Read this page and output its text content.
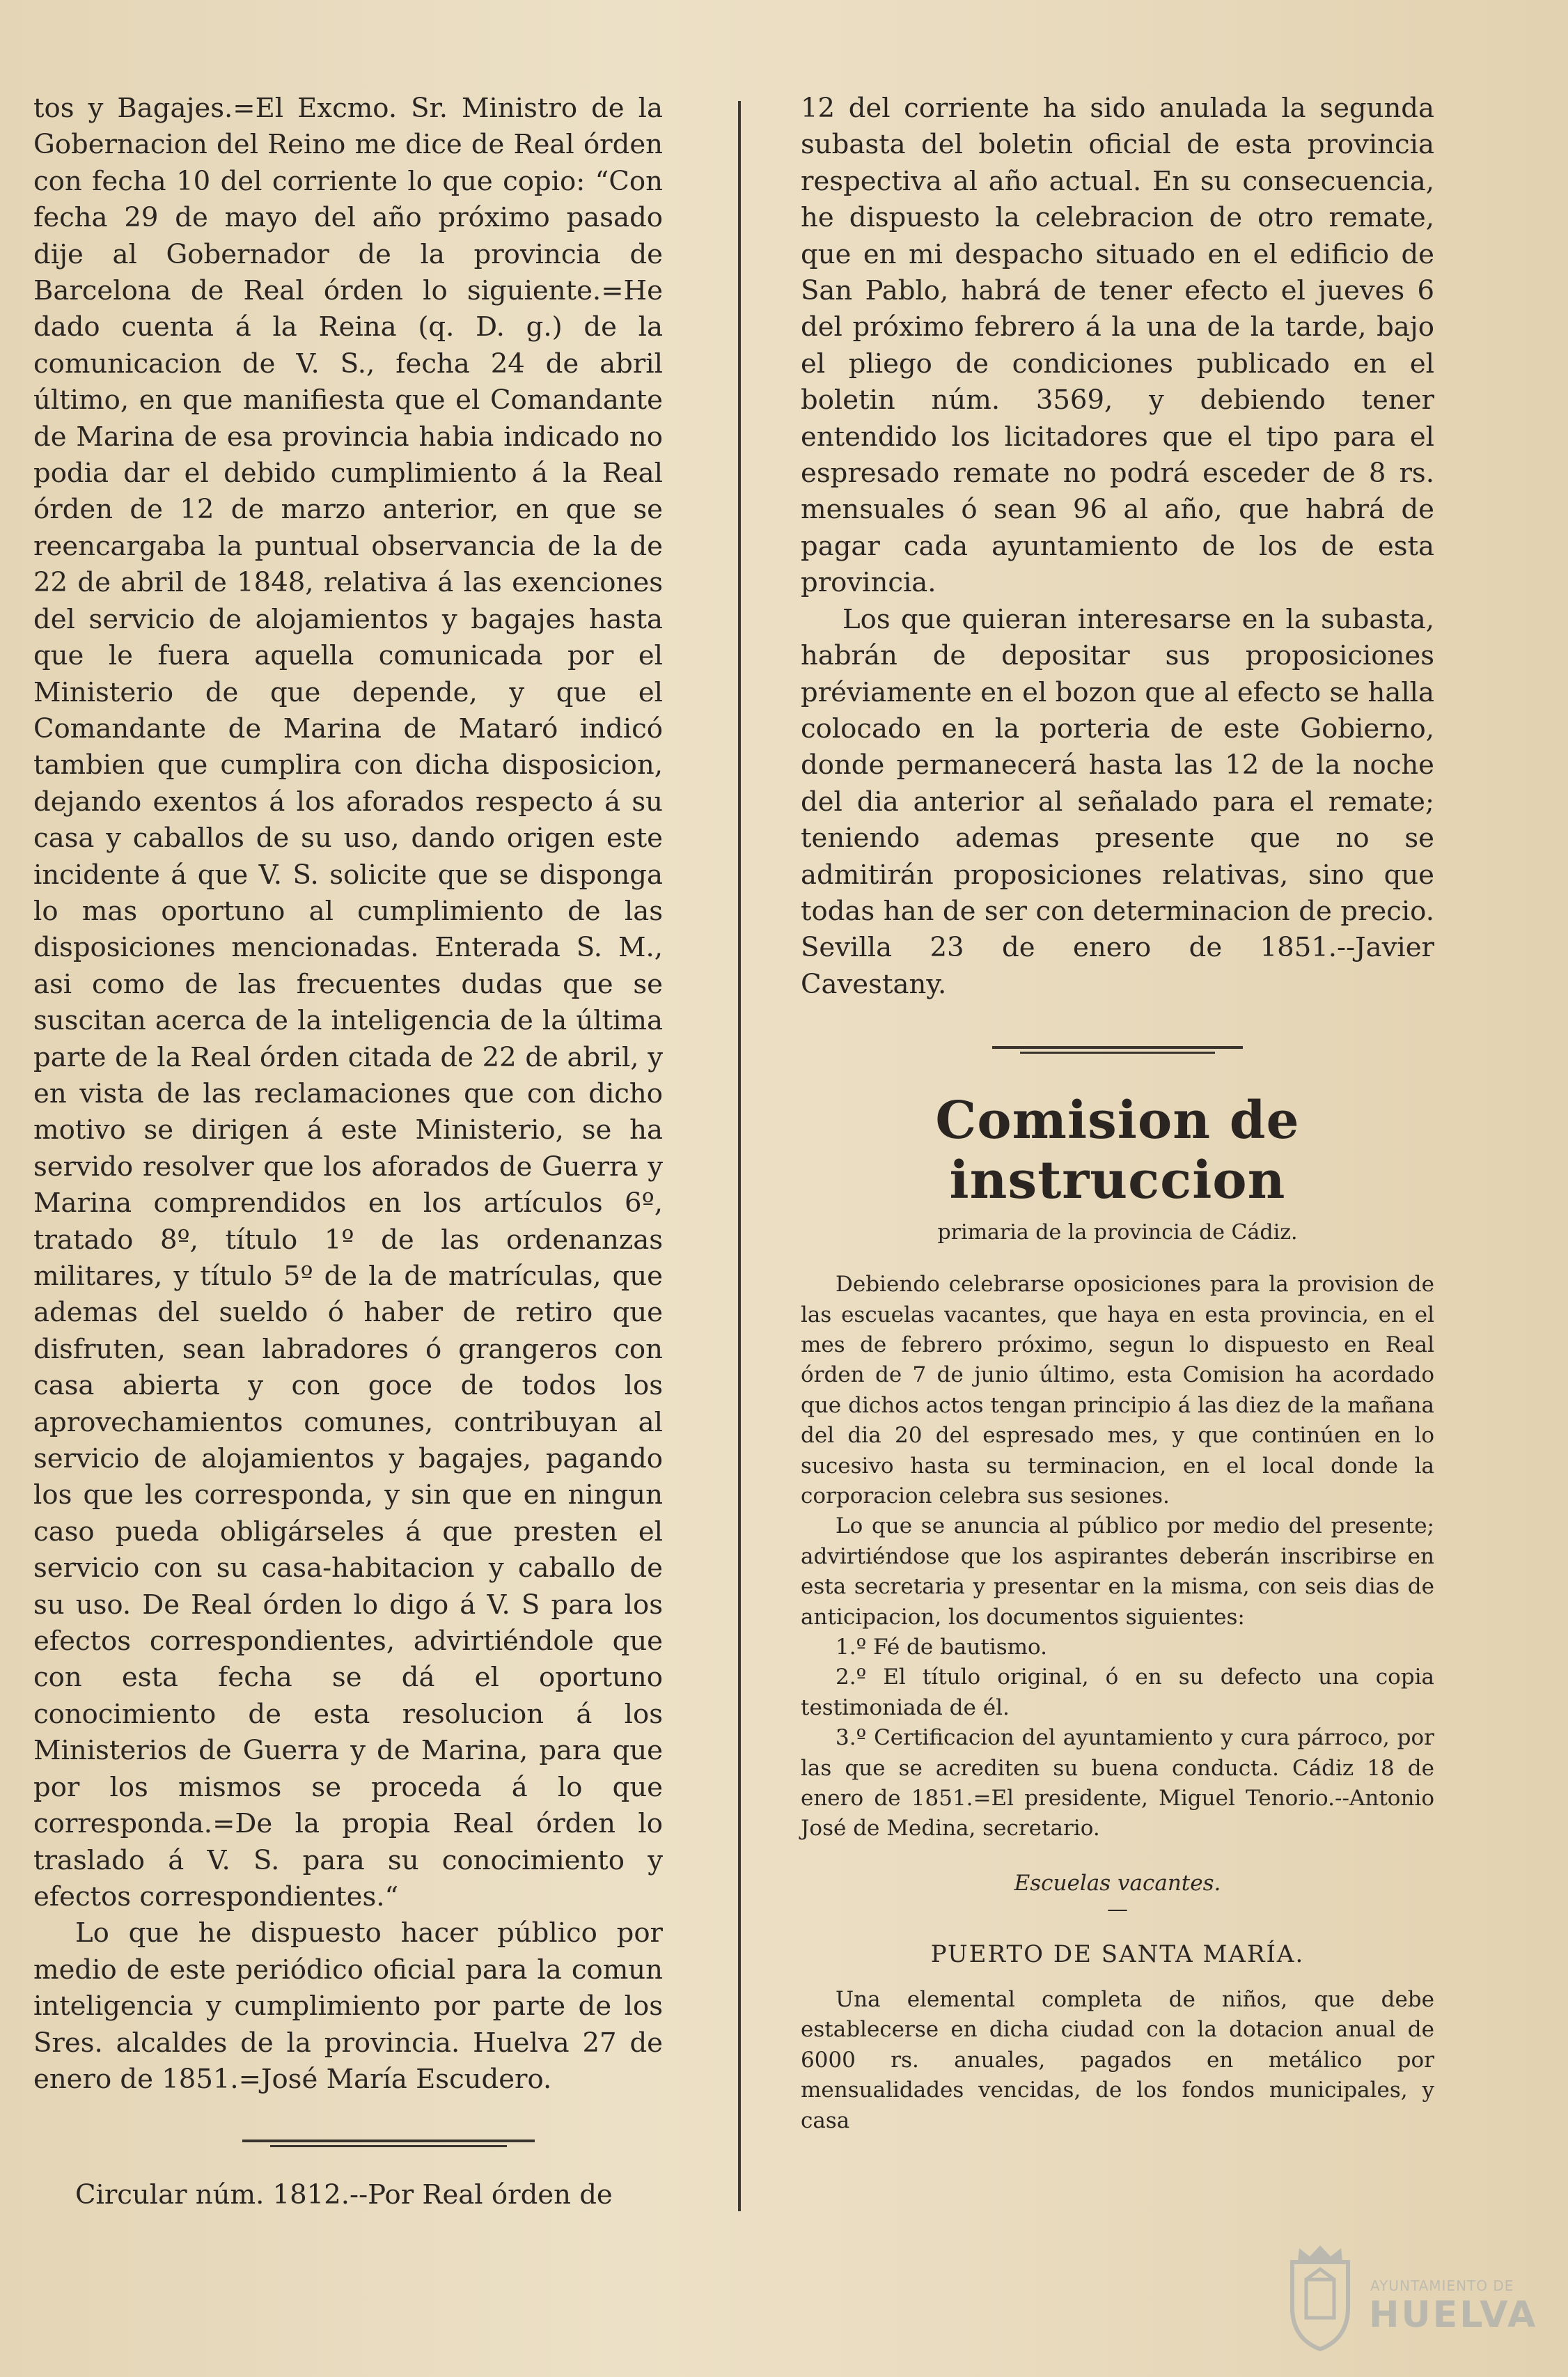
tos y Bagajes.=El Excmo. Sr. Ministro de la Gobernacion del Reino me dice de Real órden con fecha 10 del corriente lo que copio: “Con fecha 29 de mayo del año próximo pasado dije al Gobernador de la provincia de Barcelona de Real órden lo siguiente.=He dado cuenta á la Reina (q. D. g.) de la comunicacion de V. S., fecha 24 de abril último, en que manifiesta que el Comandante de Marina de esa provincia habia indicado no podia dar el debido cumplimiento á la Real órden de 12 de marzo anterior, en que se reencargaba la puntual observancia de la de 22 de abril de 1848, relativa á las exenciones del servicio de alojamientos y bagajes hasta que le fuera aquella comunicada por el Ministerio de que depende, y que el Comandante de Marina de Mataró indicó tambien que cumplira con dicha disposicion, dejando exentos á los aforados respecto á su casa y caballos de su uso, dando origen este incidente á que V. S. solicite que se disponga lo mas oportuno al cumplimiento de las disposiciones mencionadas. Enterada S. M., asi como de las frecuentes dudas que se suscitan acerca de la inteligencia de la última parte de la Real órden citada de 22 de abril, y en vista de las reclamaciones que con dicho motivo se dirigen á este Ministerio, se ha servido resolver que los aforados de Guerra y Marina comprendidos en los artículos 6º, tratado 8º, título 1º de las ordenanzas militares, y título 5º de la de matrículas, que ademas del sueldo ó haber de retiro que disfruten, sean labradores ó grangeros con casa abierta y con goce de todos los aprovechamientos comunes, contribuyan al servicio de alojamientos y bagajes, pagando los que les corresponda, y sin que en ningun caso pueda obligárseles á que presten el servicio con su casa-habitacion y caballo de su uso. De Real órden lo digo á V. S para los efectos correspondientes, advirtiéndole que con esta fecha se dá el oportuno conocimiento de esta resolucion á los Ministerios de Guerra y de Marina, para que por los mismos se proceda á lo que corresponda.=De la propia Real órden lo traslado á V. S. para su conocimiento y efectos correspondientes.“

Lo que he dispuesto hacer público por medio de este periódico oficial para la comun inteligencia y cumplimiento por parte de los Sres. alcaldes de la provincia. Huelva 27 de enero de 1851.=José María Escudero.

Circular núm. 1812.--Por Real órden de

12 del corriente ha sido anulada la segunda subasta del boletin oficial de esta provincia respectiva al año actual. En su consecuencia, he dispuesto la celebracion de otro remate, que en mi despacho situado en el edificio de San Pablo, habrá de tener efecto el jueves 6 del próximo febrero á la una de la tarde, bajo el pliego de condiciones publicado en el boletin núm. 3569, y debiendo tener entendido los licitadores que el tipo para el espresado remate no podrá esceder de 8 rs. mensuales ó sean 96 al año, que habrá de pagar cada ayuntamiento de los de esta provincia.

Los que quieran interesarse en la subasta, habrán de depositar sus proposiciones préviamente en el bozon que al efecto se halla colocado en la porteria de este Gobierno, donde permanecerá hasta las 12 de la noche del dia anterior al señalado para el remate; teniendo ademas presente que no se admitirán proposiciones relativas, sino que todas han de ser con determinacion de precio. Sevilla 23 de enero de 1851.--Javier Cavestany.

Comision de instruccion
primaria de la provincia de Cádiz.

Debiendo celebrarse oposiciones para la provision de las escuelas vacantes, que haya en esta provincia, en el mes de febrero próximo, segun lo dispuesto en Real órden de 7 de junio último, esta Comision ha acordado que dichos actos tengan principio á las diez de la mañana del dia 20 del espresado mes, y que continúen en lo sucesivo hasta su terminacion, en el local donde la corporacion celebra sus sesiones.

Lo que se anuncia al público por medio del presente; advirtiéndose que los aspirantes deberán inscribirse en esta secretaria y presentar en la misma, con seis dias de anticipacion, los documentos siguientes:

1.º Fé de bautismo.

2.º El título original, ó en su defecto una copia testimoniada de él.

3.º Certificacion del ayuntamiento y cura párroco, por las que se acrediten su buena conducta. Cádiz 18 de enero de 1851.=El presidente, Miguel Tenorio.--Antonio José de Medina, secretario.

Escuelas vacantes.
—
PUERTO DE SANTA MARÍA.

Una elemental completa de niños, que debe establecerse en dicha ciudad con la dotacion anual de 6000 rs. anuales, pagados en metálico por mensualidades vencidas, de los fondos municipales, y casa

AYUNTAMIENTO DE
HUELVA
